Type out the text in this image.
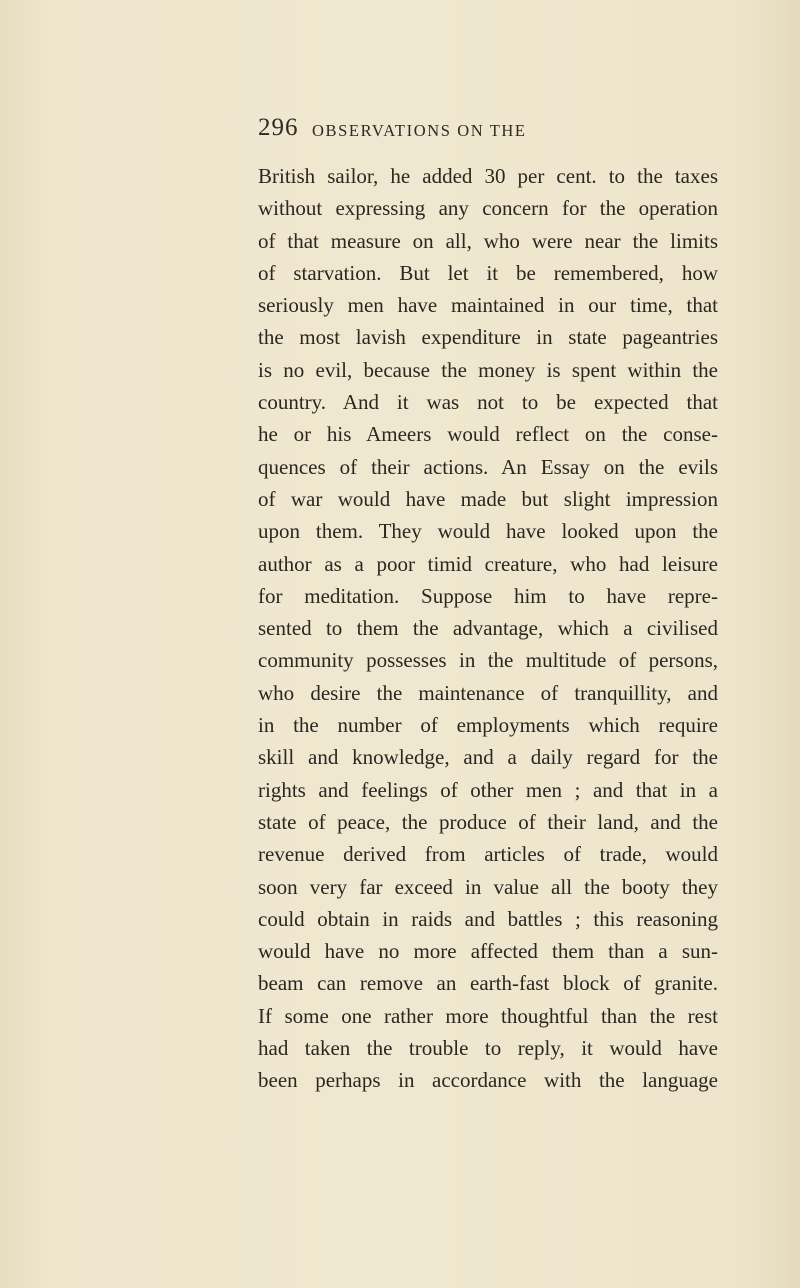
296 OBSERVATIONS ON THE
British sailor, he added 30 per cent. to the taxes
without expressing any concern for the operation
of that measure on all, who were near the limits
of starvation. But let it be remembered, how
seriously men have maintained in our time, that
the most lavish expenditure in state pageantries
is no evil, because the money is spent within the
country. And it was not to be expected that
he or his Ameers would reflect on the conse-
quences of their actions. An Essay on the evils
of war would have made but slight impression
upon them. They would have looked upon the
author as a poor timid creature, who had leisure
for meditation. Suppose him to have repre-
sented to them the advantage, which a civilised
community possesses in the multitude of persons,
who desire the maintenance of tranquillity, and
in the number of employments which require
skill and knowledge, and a daily regard for the
rights and feelings of other men ; and that in a
state of peace, the produce of their land, and the
revenue derived from articles of trade, would
soon very far exceed in value all the booty they
could obtain in raids and battles ; this reasoning
would have no more affected them than a sun-
beam can remove an earth-fast block of granite.
If some one rather more thoughtful than the rest
had taken the trouble to reply, it would have
been perhaps in accordance with the language
